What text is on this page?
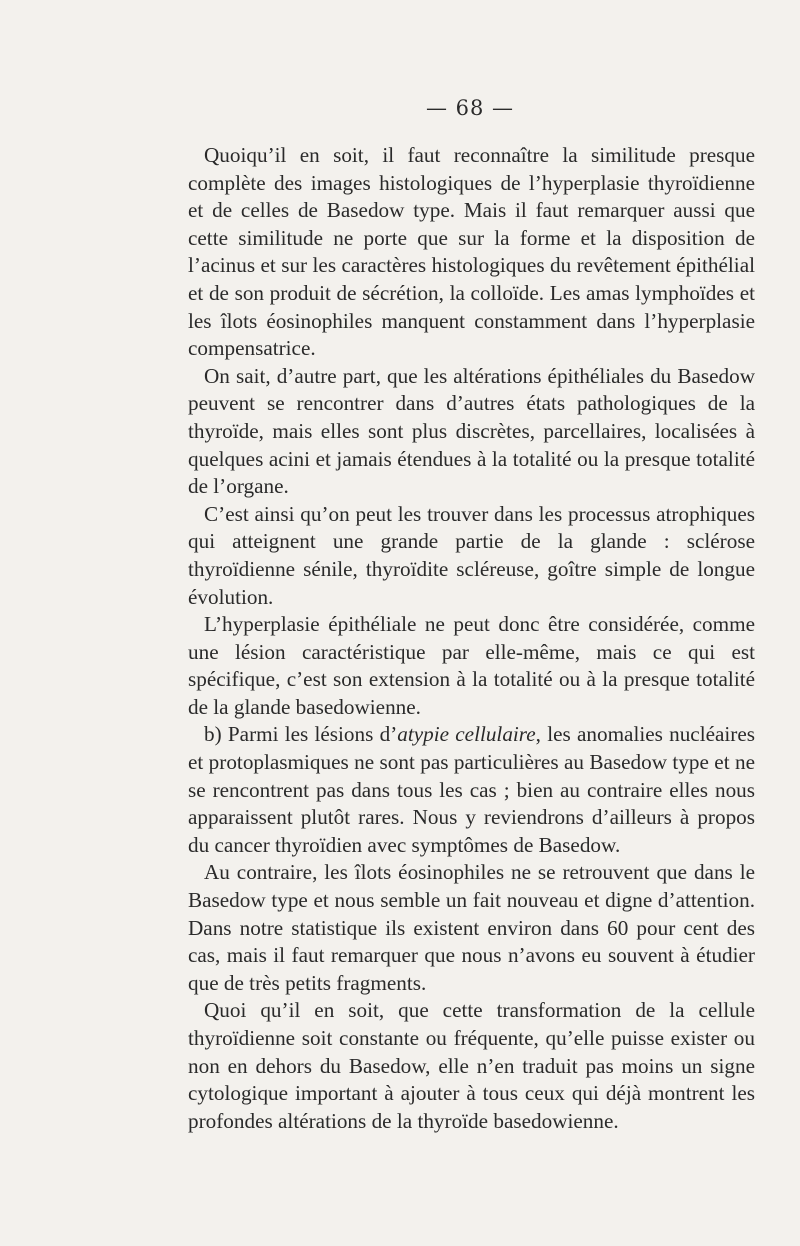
— 68 —

Quoiqu’il en soit, il faut reconnaître la similitude presque complète des images histologiques de l’hyperplasie thyroïdienne et de celles de Basedow type. Mais il faut remarquer aussi que cette similitude ne porte que sur la forme et la disposition de l’acinus et sur les caractères histologiques du revêtement épithélial et de son produit de sécrétion, la colloïde. Les amas lymphoïdes et les îlots éosinophiles manquent constamment dans l’hyperplasie compensatrice.

On sait, d’autre part, que les altérations épithéliales du Basedow peuvent se rencontrer dans d’autres états pathologiques de la thyroïde, mais elles sont plus discrètes, parcellaires, localisées à quelques acini et jamais étendues à la totalité ou la presque totalité de l’organe.

C’est ainsi qu’on peut les trouver dans les processus atrophiques qui atteignent une grande partie de la glande : sclérose thyroïdienne sénile, thyroïdite scléreuse, goître simple de longue évolution.

L’hyperplasie épithéliale ne peut donc être considérée, comme une lésion caractéristique par elle-même, mais ce qui est spécifique, c’est son extension à la totalité ou à la presque totalité de la glande basedowienne.

b) Parmi les lésions d’atypie cellulaire, les anomalies nucléaires et protoplasmiques ne sont pas particulières au Basedow type et ne se rencontrent pas dans tous les cas ; bien au contraire elles nous apparaissent plutôt rares. Nous y reviendrons d’ailleurs à propos du cancer thyroïdien avec symptômes de Basedow.

Au contraire, les îlots éosinophiles ne se retrouvent que dans le Basedow type et nous semble un fait nouveau et digne d’attention. Dans notre statistique ils existent environ dans 60 pour cent des cas, mais il faut remarquer que nous n’avons eu souvent à étudier que de très petits fragments.

Quoi qu’il en soit, que cette transformation de la cellule thyroïdienne soit constante ou fréquente, qu’elle puisse exister ou non en dehors du Basedow, elle n’en traduit pas moins un signe cytologique important à ajouter à tous ceux qui déjà montrent les profondes altérations de la thyroïde basedowienne.
